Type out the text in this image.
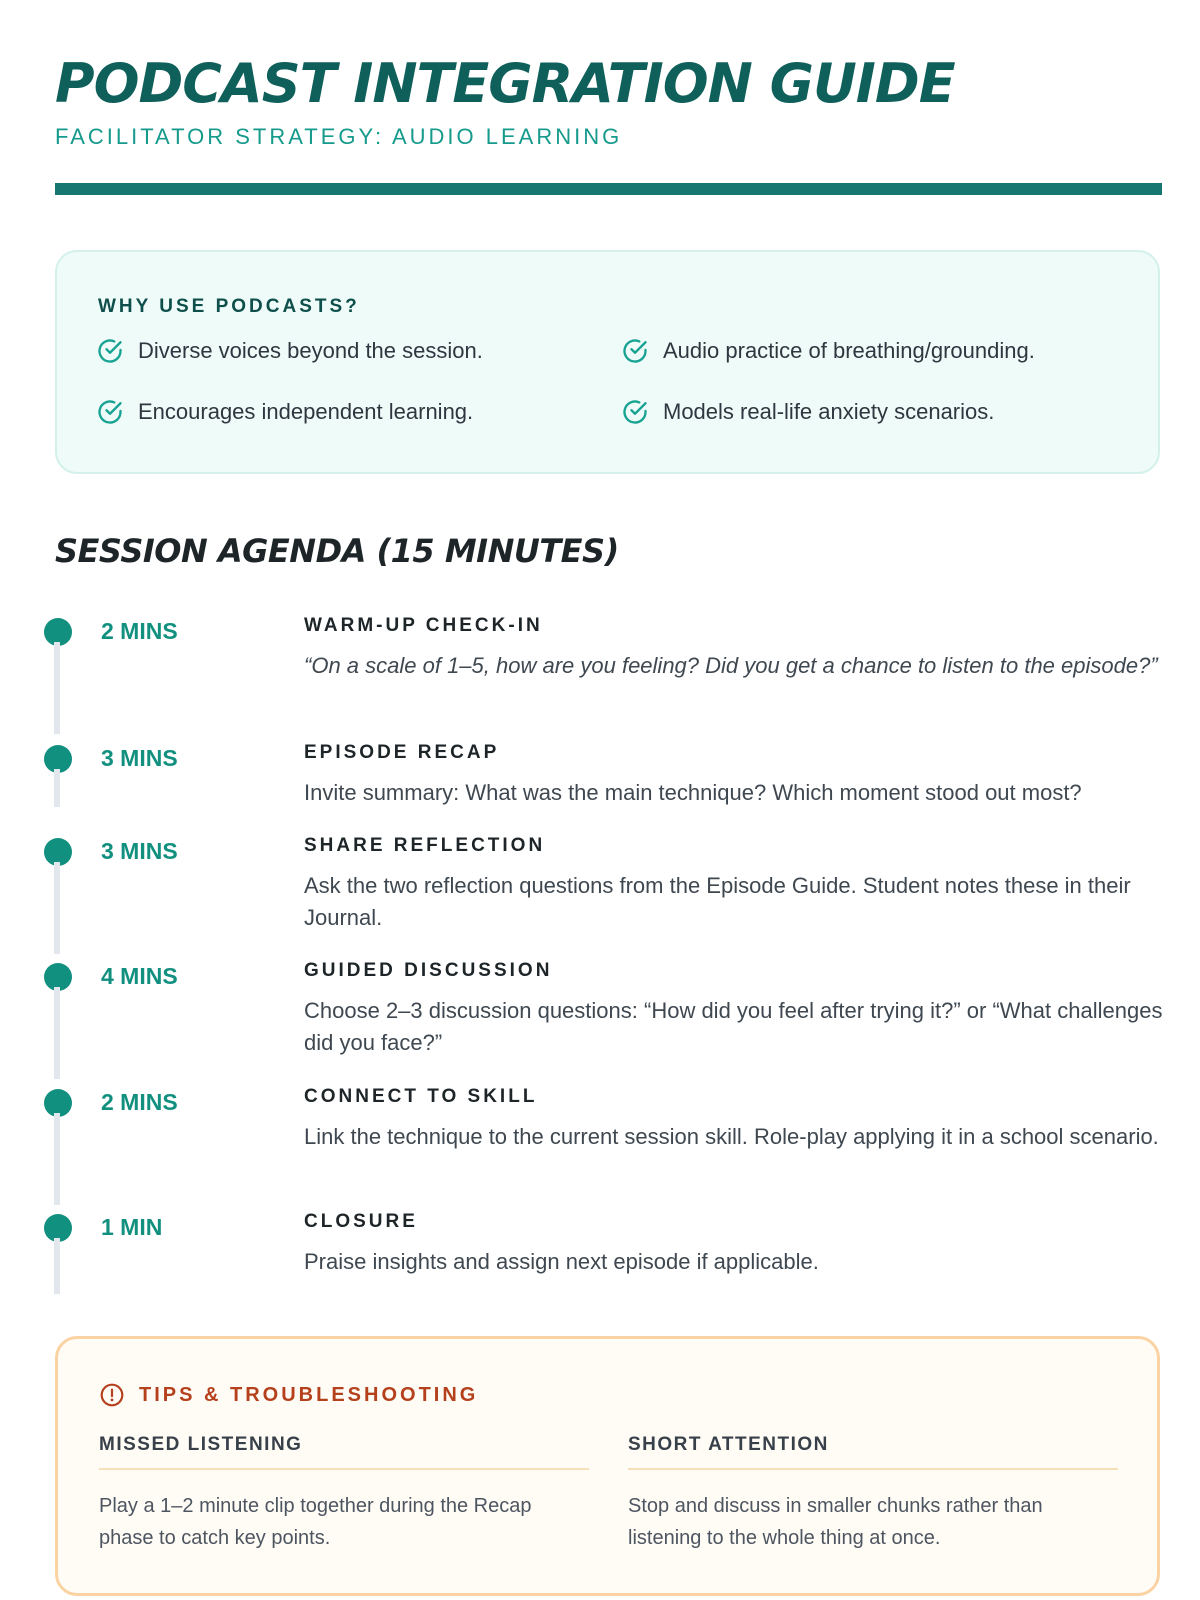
PODCAST INTEGRATION GUIDE
FACILITATOR STRATEGY: AUDIO LEARNING
WHY USE PODCASTS?
Diverse voices beyond the session.	Audio practice of breathing/grounding.
Encourages independent learning.	Models real-life anxiety scenarios.
SESSION AGENDA (15 MINUTES)
2 MINS	WARM-UP CHECK-IN
“On a scale of 1–5, how are you feeling? Did you get a chance to listen to the episode?”
3 MINS	EPISODE RECAP
Invite summary: What was the main technique? Which moment stood out most?
3 MINS	SHARE REFLECTION
Ask the two reflection questions from the Episode Guide. Student notes these in their Journal.
4 MINS	GUIDED DISCUSSION
Choose 2–3 discussion questions: “How did you feel after trying it?” or “What challenges did you face?”
2 MINS	CONNECT TO SKILL
Link the technique to the current session skill. Role-play applying it in a school scenario.
1 MIN	CLOSURE
Praise insights and assign next episode if applicable.
TIPS & TROUBLESHOOTING
MISSED LISTENING
Play a 1–2 minute clip together during the Recap phase to catch key points.
SHORT ATTENTION
Stop and discuss in smaller chunks rather than listening to the whole thing at once.
